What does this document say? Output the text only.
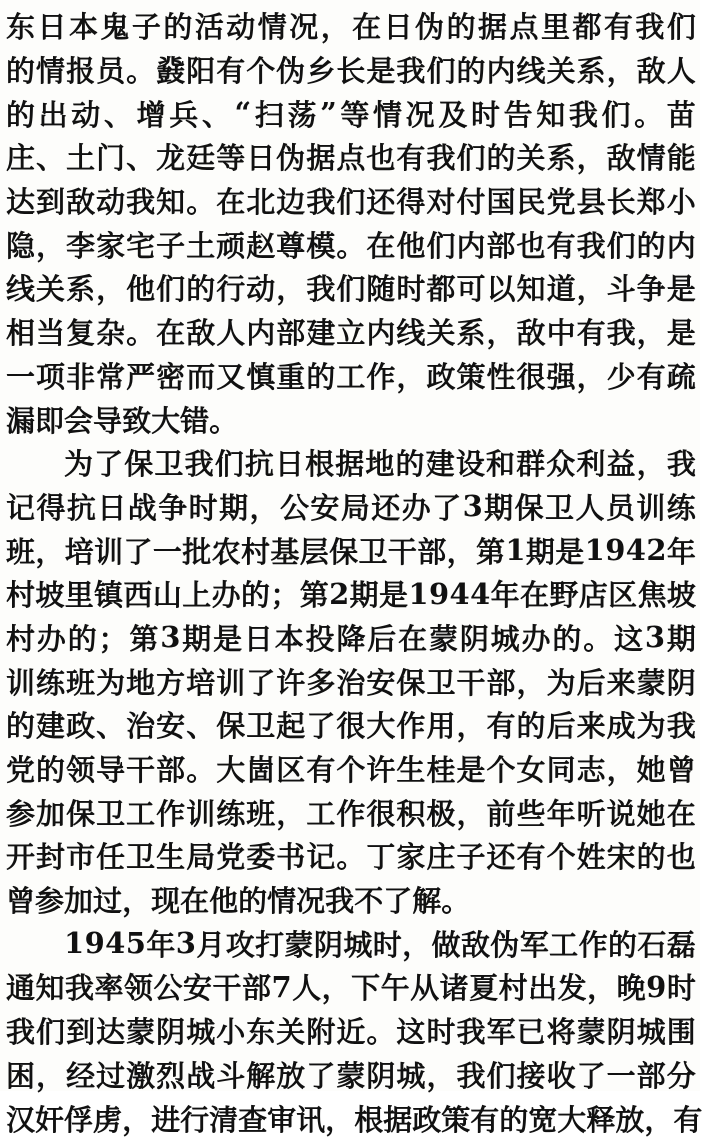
东 日 本 鬼 子 的 活 动 情 况 ， 在 日 伪 的 据 点 里 都 有 我 们
的 情 报 员 。 鼗 阳 有 个 伪 乡 长 是 我 们 的 内 线 关 系 ， 敌 人
的 出 动 、 增 兵 、 “ 扫 荡 ” 等 情 况 及 时 告 知 我 们 。 苗
庄 、 土 门 、 龙 廷 等 日 伪 据 点 也 有 我 们 的 关 系 ， 敌 情 能
达 到 敌 动 我 知 。 在 北 边 我 们 还 得 对 付 国 民 党 县 长 郑 小
隐 ， 李 家 宅 子 土 顽 赵 尊 模 。 在 他 们 内 部 也 有 我 们 的 内
线 关 系 ， 他 们 的 行 动 ， 我 们 随 时 都 可 以 知 道 ， 斗 争 是
相 当 复 杂 。 在 敌 人 内 部 建 立 内 线 关 系 ， 敌 中 有 我 ， 是
一 项 非 常 严 密 而 又 慎 重 的 工 作 ， 政 策 性 很 强 ， 少 有 疏
漏 即 会 导 致 大 错 。
为 了 保 卫 我 们 抗 日 根 据 地 的 建 设 和 群 众 利 益 ， 我
记 得 抗 日 战 争 时 期 ， 公 安 局 还 办 了 3 期 保 卫 人 员 训 练
班 ， 培 训 了 一 批 农 村 基 层 保 卫 干 部 ， 第 1 期 是 1 9 4 2 年
村 坡 里 镇 西 山 上 办 的 ； 第 2 期 是 1 9 4 4 年 在 野 店 区 焦 坡
村 办 的 ； 第 3 期 是 日 本 投 降 后 在 蒙 阴 城 办 的 。 这 3 期
训 练 班 为 地 方 培 训 了 许 多 治 安 保 卫 干 部 ， 为 后 来 蒙 阴
的 建 政 、 治 安 、 保 卫 起 了 很 大 作 用 ， 有 的 后 来 成 为 我
党 的 领 导 干 部 。 大 崮 区 有 个 许 生 桂 是 个 女 同 志 ， 她 曾
参 加 保 卫 工 作 训 练 班 ， 工 作 很 积 极 ， 前 些 年 听 说 她 在
开 封 市 任 卫 生 局 党 委 书 记 。 丁 家 庄 子 还 有 个 姓 宋 的 也
曾 参 加 过 ， 现 在 他 的 情 况 我 不 了 解 。
1 9 4 5 年 3 月 攻 打 蒙 阴 城 时 ， 做 敌 伪 军 工 作 的 石 磊
通 知 我 率 领 公 安 干 部 7 人 ， 下 午 从 诸 夏 村 出 发 ， 晚 9 时
我 们 到 达 蒙 阴 城 小 东 关 附 近 。 这 时 我 军 已 将 蒙 阴 城 围
困 ， 经 过 激 烈 战 斗 解 放 了 蒙 阴 城 ， 我 们 接 收 了 一 部 分
汉 奸 俘 虏 ， 进 行 清 查 审 讯 ， 根 据 政 策 有 的 宽 大 释 放 ， 有
